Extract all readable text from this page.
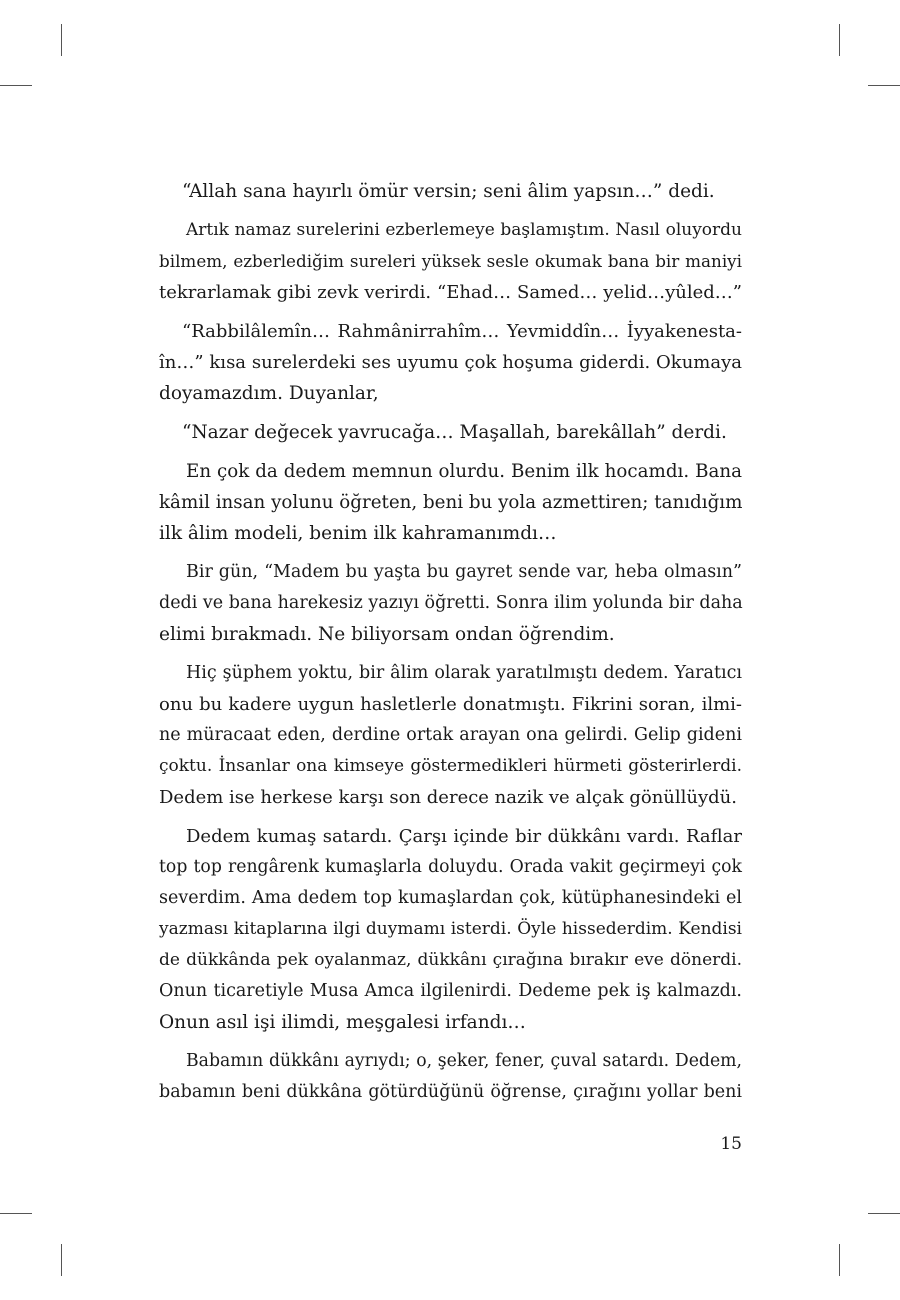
“Allah sana hayırlı ömür versin; seni âlim yapsın…” dedi.
Artık namaz surelerini ezberlemeye başlamıştım. Nasıl oluyordu
bilmem, ezberlediğim sureleri yüksek sesle okumak bana bir maniyi
tekrarlamak gibi zevk verirdi. “Ehad… Samed… yelid…yûled…”
“Rabbilâlemîn… Rahmânirrahîm… Yevmiddîn… İyyakenesta-
în…” kısa surelerdeki ses uyumu çok hoşuma giderdi. Okumaya
doyamazdım. Duyanlar,
“Nazar değecek yavrucağa… Maşallah, barekâllah” derdi.
En çok da dedem memnun olurdu. Benim ilk hocamdı. Bana
kâmil insan yolunu öğreten, beni bu yola azmettiren; tanıdığım
ilk âlim modeli, benim ilk kahramanımdı…
Bir gün, “Madem bu yaşta bu gayret sende var, heba olmasın”
dedi ve bana harekesiz yazıyı öğretti. Sonra ilim yolunda bir daha
elimi bırakmadı. Ne biliyorsam ondan öğrendim.
Hiç şüphem yoktu, bir âlim olarak yaratılmıştı dedem. Yaratıcı
onu bu kadere uygun hasletlerle donatmıştı. Fikrini soran, ilmi-
ne müracaat eden, derdine ortak arayan ona gelirdi. Gelip gideni
çoktu. İnsanlar ona kimseye göstermedikleri hürmeti gösterirlerdi.
Dedem ise herkese karşı son derece nazik ve alçak gönüllüydü.
Dedem kumaş satardı. Çarşı içinde bir dükkânı vardı. Raflar
top top rengârenk kumaşlarla doluydu. Orada vakit geçirmeyi çok
severdim. Ama dedem top kumaşlardan çok, kütüphanesindeki el
yazması kitaplarına ilgi duymamı isterdi. Öyle hissederdim. Kendisi
de dükkânda pek oyalanmaz, dükkânı çırağına bırakır eve dönerdi.
Onun ticaretiyle Musa Amca ilgilenirdi. Dedeme pek iş kalmazdı.
Onun asıl işi ilimdi, meşgalesi irfandı…
Babamın dükkânı ayrıydı; o, şeker, fener, çuval satardı. Dedem,
babamın beni dükkâna götürdüğünü öğrense, çırağını yollar beni
15
